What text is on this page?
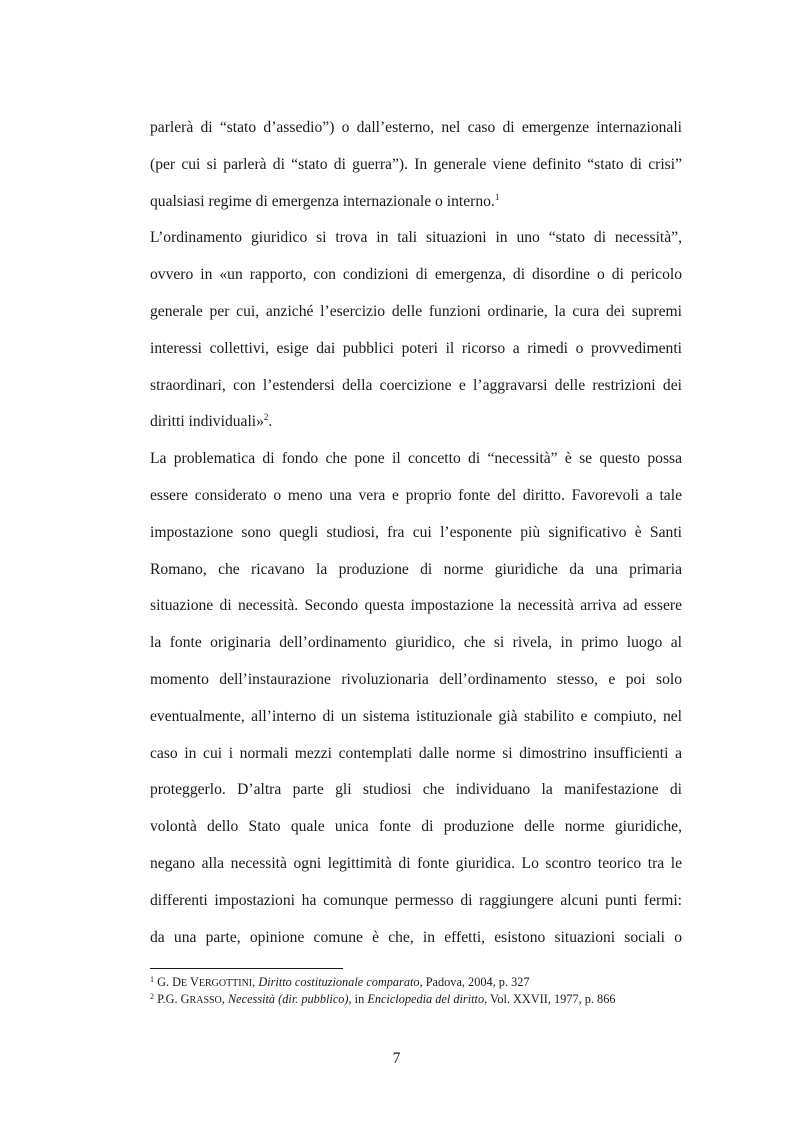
parlerà di “stato d’assedio”) o dall’esterno, nel caso di emergenze internazionali
(per cui si parlerà di “stato di guerra”). In generale viene definito “stato di crisi”
qualsiasi regime di emergenza internazionale o interno.$^1$
L’ordinamento giuridico si trova in tali situazioni in uno “stato di necessità”,
ovvero in «un rapporto, con condizioni di emergenza, di disordine o di pericolo
generale per cui, anziché l’esercizio delle funzioni ordinarie, la cura dei supremi
interessi collettivi, esige dai pubblici poteri il ricorso a rimedi o provvedimenti
straordinari, con l’estendersi della coercizione e l’aggravarsi delle restrizioni dei
diritti individuali»$^2$.
La problematica di fondo che pone il concetto di “necessità” è se questo possa
essere considerato o meno una vera e proprio fonte del diritto. Favorevoli a tale
impostazione sono quegli studiosi, fra cui l’esponente più significativo è Santi
Romano, che ricavano la produzione di norme giuridiche da una primaria
situazione di necessità. Secondo questa impostazione la necessità arriva ad essere
la fonte originaria dell’ordinamento giuridico, che si rivela, in primo luogo al
momento dell’instaurazione rivoluzionaria dell’ordinamento stesso, e poi solo
eventualmente, all’interno di un sistema istituzionale già stabilito e compiuto, nel
caso in cui i normali mezzi contemplati dalle norme si dimostrino insufficienti a
proteggerlo. D’altra parte gli studiosi che individuano la manifestazione di
volontà dello Stato quale unica fonte di produzione delle norme giuridiche,
negano alla necessità ogni legittimità di fonte giuridica. Lo scontro teorico tra le
differenti impostazioni ha comunque permesso di raggiungere alcuni punti fermi:
da una parte, opinione comune è che, in effetti, esistono situazioni sociali o
$^1$ G. DE VERGOTTINI, Diritto costituzionale comparato, Padova, 2004, p. 327
$^2$ P.G. GRASSO, Necessità (dir. pubblico), in Enciclopedia del diritto, Vol. XXVII, 1977, p. 866
7
